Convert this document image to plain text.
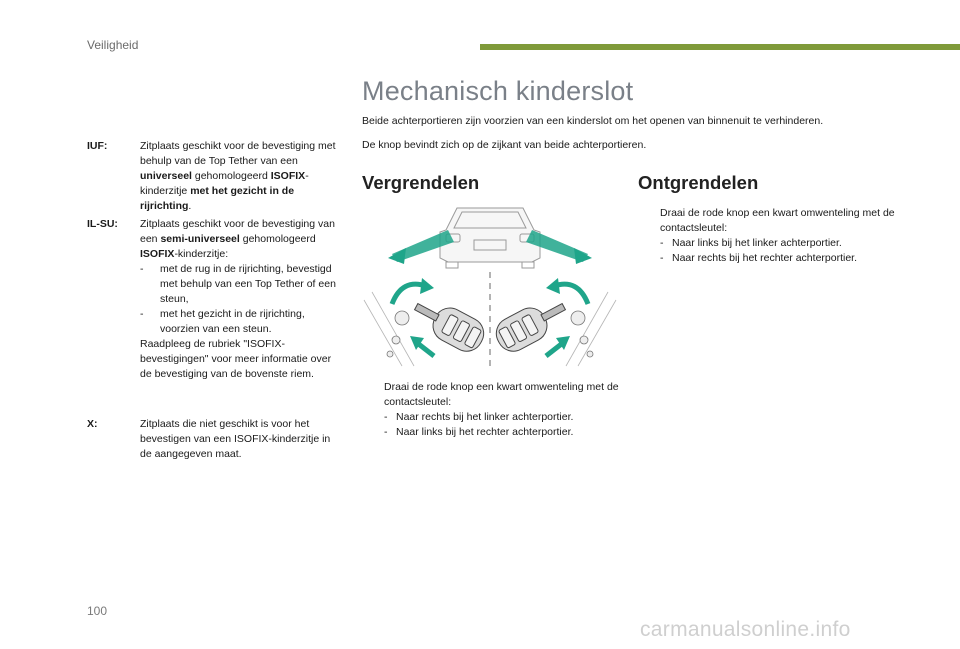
Veiligheid
IUF:	Zitplaats geschikt voor de bevestiging met behulp van de Top Tether van een universeel gehomologeerd ISOFIX-kinderzitje met het gezicht in de rijrichting.
IL-SU: Zitplaats geschikt voor de bevestiging van een semi-universeel gehomologeerd ISOFIX-kinderzitje:
-	met de rug in de rijrichting, bevestigd met behulp van een Top Tether of een steun,
-	met het gezicht in de rijrichting, voorzien van een steun.
Raadpleeg de rubriek "ISOFIX-bevestigingen" voor meer informatie over de bevestiging van de bovenste riem.
X:	Zitplaats die niet geschikt is voor het bevestigen van een ISOFIX-kinderzitje in de aangegeven maat.
Mechanisch kinderslot
Beide achterportieren zijn voorzien van een kinderslot om het openen van binnenuit te verhinderen.
De knop bevindt zich op de zijkant van beide achterportieren.
Vergrendelen	Ontgrendelen
Draai de rode knop een kwart omwenteling met de contactsleutel:
- Naar rechts bij het linker achterportier.
- Naar links bij het rechter achterportier.
Draai de rode knop een kwart omwenteling met de contactsleutel:
- Naar links bij het linker achterportier.
- Naar rechts bij het rechter achterportier.
100
carmanualsonline.info
